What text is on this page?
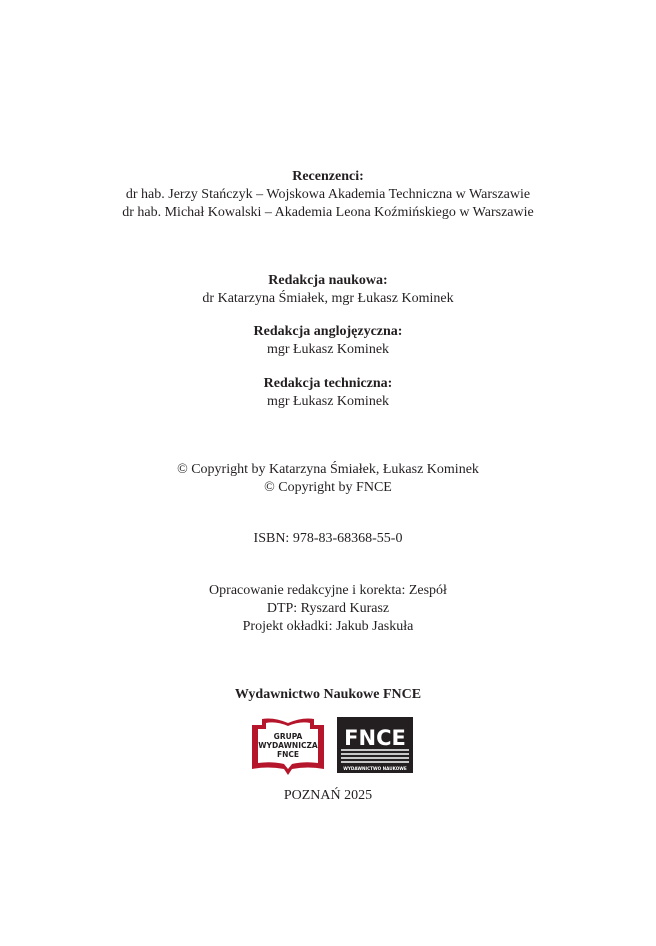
Recenzenci:
dr hab. Jerzy Stańczyk – Wojskowa Akademia Techniczna w Warszawie
dr hab. Michał Kowalski – Akademia Leona Koźmińskiego w Warszawie
Redakcja naukowa:
dr Katarzyna Śmiałek, mgr Łukasz Kominek
Redakcja anglojęzyczna:
mgr Łukasz Kominek
Redakcja techniczna:
mgr Łukasz Kominek
© Copyright by Katarzyna Śmiałek, Łukasz Kominek
© Copyright by FNCE
ISBN: 978-83-68368-55-0
Opracowanie redakcyjne i korekta: Zespół
DTP: Ryszard Kurasz
Projekt okładki: Jakub Jaskuła
Wydawnictwo Naukowe FNCE
GRUPA
WYDAWNICZA
FNCE
FNCE
WYDAWNICTWO NAUKOWE
POZNAŃ 2025
